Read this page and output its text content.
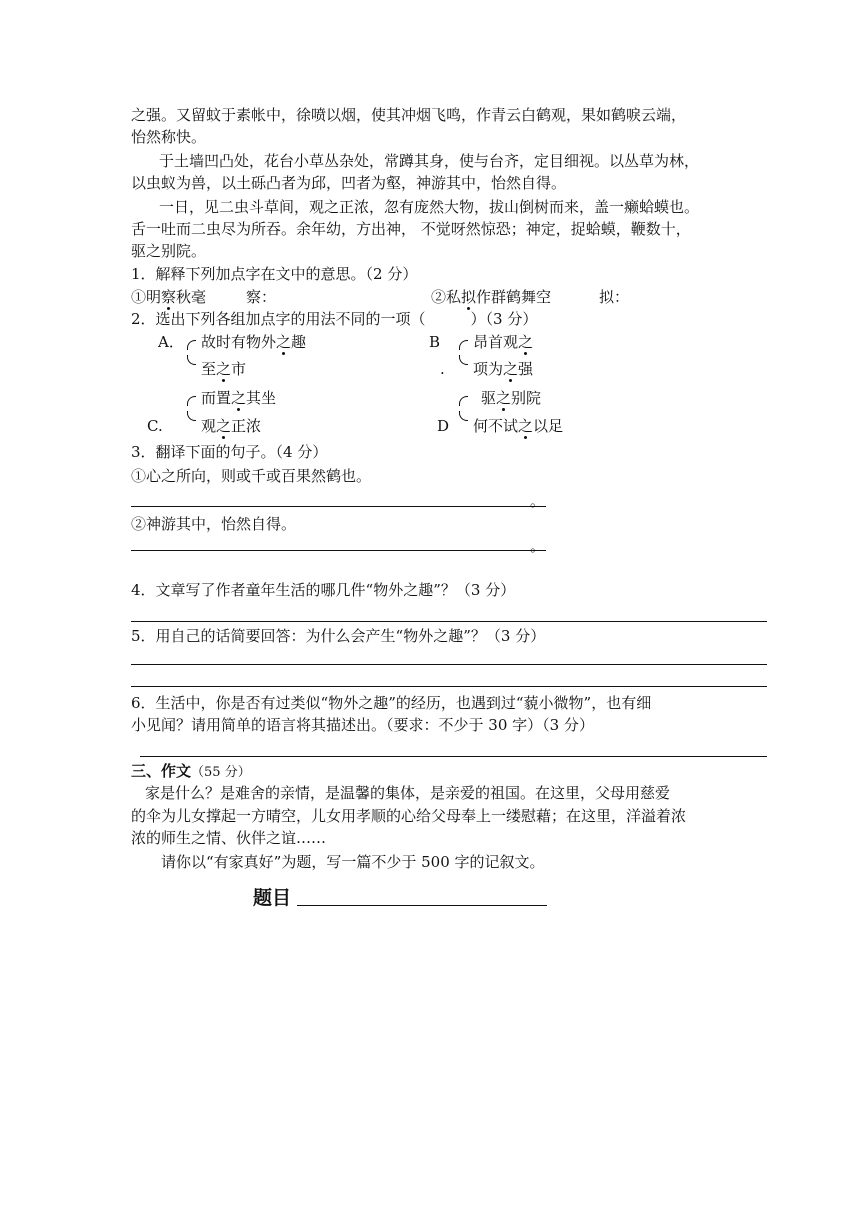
之强。又留蚊于素帐中，徐喷以烟，使其冲烟飞鸣，作青云白鹤观，果如鹤唳云端，
怡然称快。
于土墙凹凸处，花台小草丛杂处，常蹲其身，使与台齐，定目细视。以丛草为林，
以虫蚁为兽，以土砾凸者为邱，凹者为壑，神游其中，怡然自得。
一日，见二虫斗草间，观之正浓，忽有庞然大物，拔山倒树而来，盖一癞蛤蟆也。
舌一吐而二虫尽为所吞。余年幼，方出神， 不觉呀然惊恐；神定，捉蛤蟆，鞭数十，
驱之别院。
1．解释下列加点字在文中的意思。（2 分）
①明察秋毫	察：	②私拟作群鹤舞空	拟：
2．选出下列各组加点字的用法不同的一项（　　　）（3 分）
A． 故时有物外之趣
至之市
B
.
昂首观之
项为之强
C.
而置之其坐
观之正浓	D
驱之别院
何不试之以足
3．翻译下面的句子。（4 分）
①心之所向，则或千或百果然鹤也。
。
②神游其中，怡然自得。
。
4．文章写了作者童年生活的哪几件“物外之趣”？（3 分）
5．用自己的话简要回答：为什么会产生“物外之趣”？（3 分）
6．生活中，你是否有过类似“物外之趣”的经历，也遇到过“藐小微物”，也有细
小见闻？请用简单的语言将其描述出。（要求：不少于 30 字）（3 分）
三、作文（55 分）
家是什么？是难舍的亲情，是温馨的集体，是亲爱的祖国。在这里，父母用慈爱
的伞为儿女撑起一方晴空，儿女用孝顺的心给父母奉上一缕慰藉；在这里，洋溢着浓
浓的师生之情、伙伴之谊……
请你以“有家真好”为题，写一篇不少于 500 字的记叙文。
题目
